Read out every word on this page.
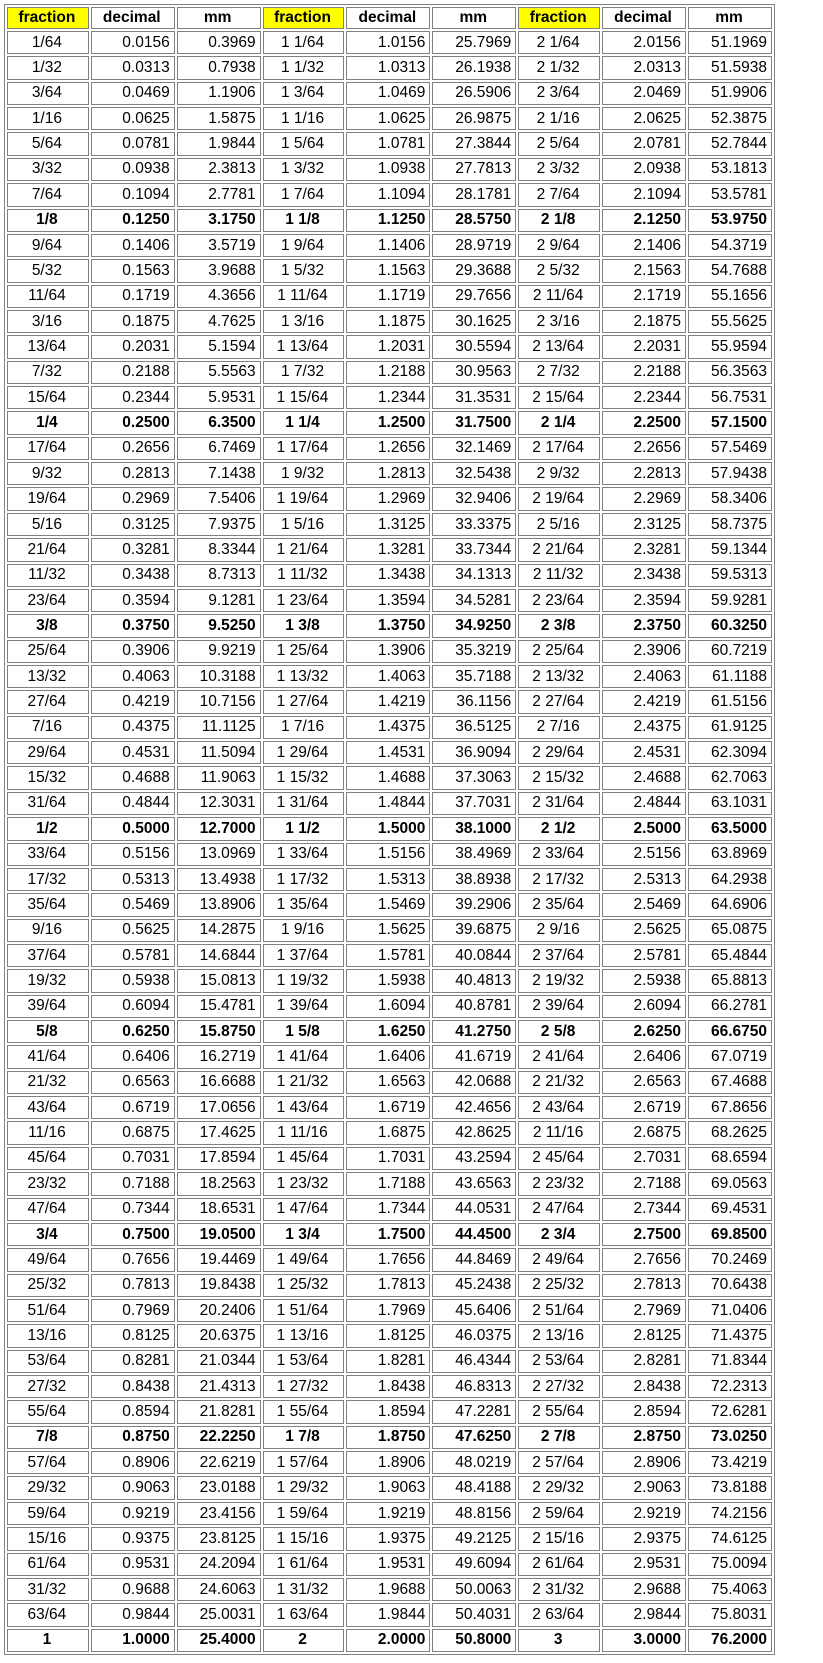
fraction	decimal	mm	fraction	decimal	mm	fraction	decimal	mm
1/64	0.0156	0.3969	1 1/64	1.0156	25.7969	2 1/64	2.0156	51.1969
1/32	0.0313	0.7938	1 1/32	1.0313	26.1938	2 1/32	2.0313	51.5938
3/64	0.0469	1.1906	1 3/64	1.0469	26.5906	2 3/64	2.0469	51.9906
1/16	0.0625	1.5875	1 1/16	1.0625	26.9875	2 1/16	2.0625	52.3875
5/64	0.0781	1.9844	1 5/64	1.0781	27.3844	2 5/64	2.0781	52.7844
3/32	0.0938	2.3813	1 3/32	1.0938	27.7813	2 3/32	2.0938	53.1813
7/64	0.1094	2.7781	1 7/64	1.1094	28.1781	2 7/64	2.1094	53.5781
1/8	0.1250	3.1750	1 1/8	1.1250	28.5750	2 1/8	2.1250	53.9750
9/64	0.1406	3.5719	1 9/64	1.1406	28.9719	2 9/64	2.1406	54.3719
5/32	0.1563	3.9688	1 5/32	1.1563	29.3688	2 5/32	2.1563	54.7688
11/64	0.1719	4.3656	1 11/64	1.1719	29.7656	2 11/64	2.1719	55.1656
3/16	0.1875	4.7625	1 3/16	1.1875	30.1625	2 3/16	2.1875	55.5625
13/64	0.2031	5.1594	1 13/64	1.2031	30.5594	2 13/64	2.2031	55.9594
7/32	0.2188	5.5563	1 7/32	1.2188	30.9563	2 7/32	2.2188	56.3563
15/64	0.2344	5.9531	1 15/64	1.2344	31.3531	2 15/64	2.2344	56.7531
1/4	0.2500	6.3500	1 1/4	1.2500	31.7500	2 1/4	2.2500	57.1500
17/64	0.2656	6.7469	1 17/64	1.2656	32.1469	2 17/64	2.2656	57.5469
9/32	0.2813	7.1438	1 9/32	1.2813	32.5438	2 9/32	2.2813	57.9438
19/64	0.2969	7.5406	1 19/64	1.2969	32.9406	2 19/64	2.2969	58.3406
5/16	0.3125	7.9375	1 5/16	1.3125	33.3375	2 5/16	2.3125	58.7375
21/64	0.3281	8.3344	1 21/64	1.3281	33.7344	2 21/64	2.3281	59.1344
11/32	0.3438	8.7313	1 11/32	1.3438	34.1313	2 11/32	2.3438	59.5313
23/64	0.3594	9.1281	1 23/64	1.3594	34.5281	2 23/64	2.3594	59.9281
3/8	0.3750	9.5250	1 3/8	1.3750	34.9250	2 3/8	2.3750	60.3250
25/64	0.3906	9.9219	1 25/64	1.3906	35.3219	2 25/64	2.3906	60.7219
13/32	0.4063	10.3188	1 13/32	1.4063	35.7188	2 13/32	2.4063	61.1188
27/64	0.4219	10.7156	1 27/64	1.4219	36.1156	2 27/64	2.4219	61.5156
7/16	0.4375	11.1125	1 7/16	1.4375	36.5125	2 7/16	2.4375	61.9125
29/64	0.4531	11.5094	1 29/64	1.4531	36.9094	2 29/64	2.4531	62.3094
15/32	0.4688	11.9063	1 15/32	1.4688	37.3063	2 15/32	2.4688	62.7063
31/64	0.4844	12.3031	1 31/64	1.4844	37.7031	2 31/64	2.4844	63.1031
1/2	0.5000	12.7000	1 1/2	1.5000	38.1000	2 1/2	2.5000	63.5000
33/64	0.5156	13.0969	1 33/64	1.5156	38.4969	2 33/64	2.5156	63.8969
17/32	0.5313	13.4938	1 17/32	1.5313	38.8938	2 17/32	2.5313	64.2938
35/64	0.5469	13.8906	1 35/64	1.5469	39.2906	2 35/64	2.5469	64.6906
9/16	0.5625	14.2875	1 9/16	1.5625	39.6875	2 9/16	2.5625	65.0875
37/64	0.5781	14.6844	1 37/64	1.5781	40.0844	2 37/64	2.5781	65.4844
19/32	0.5938	15.0813	1 19/32	1.5938	40.4813	2 19/32	2.5938	65.8813
39/64	0.6094	15.4781	1 39/64	1.6094	40.8781	2 39/64	2.6094	66.2781
5/8	0.6250	15.8750	1 5/8	1.6250	41.2750	2 5/8	2.6250	66.6750
41/64	0.6406	16.2719	1 41/64	1.6406	41.6719	2 41/64	2.6406	67.0719
21/32	0.6563	16.6688	1 21/32	1.6563	42.0688	2 21/32	2.6563	67.4688
43/64	0.6719	17.0656	1 43/64	1.6719	42.4656	2 43/64	2.6719	67.8656
11/16	0.6875	17.4625	1 11/16	1.6875	42.8625	2 11/16	2.6875	68.2625
45/64	0.7031	17.8594	1 45/64	1.7031	43.2594	2 45/64	2.7031	68.6594
23/32	0.7188	18.2563	1 23/32	1.7188	43.6563	2 23/32	2.7188	69.0563
47/64	0.7344	18.6531	1 47/64	1.7344	44.0531	2 47/64	2.7344	69.4531
3/4	0.7500	19.0500	1 3/4	1.7500	44.4500	2 3/4	2.7500	69.8500
49/64	0.7656	19.4469	1 49/64	1.7656	44.8469	2 49/64	2.7656	70.2469
25/32	0.7813	19.8438	1 25/32	1.7813	45.2438	2 25/32	2.7813	70.6438
51/64	0.7969	20.2406	1 51/64	1.7969	45.6406	2 51/64	2.7969	71.0406
13/16	0.8125	20.6375	1 13/16	1.8125	46.0375	2 13/16	2.8125	71.4375
53/64	0.8281	21.0344	1 53/64	1.8281	46.4344	2 53/64	2.8281	71.8344
27/32	0.8438	21.4313	1 27/32	1.8438	46.8313	2 27/32	2.8438	72.2313
55/64	0.8594	21.8281	1 55/64	1.8594	47.2281	2 55/64	2.8594	72.6281
7/8	0.8750	22.2250	1 7/8	1.8750	47.6250	2 7/8	2.8750	73.0250
57/64	0.8906	22.6219	1 57/64	1.8906	48.0219	2 57/64	2.8906	73.4219
29/32	0.9063	23.0188	1 29/32	1.9063	48.4188	2 29/32	2.9063	73.8188
59/64	0.9219	23.4156	1 59/64	1.9219	48.8156	2 59/64	2.9219	74.2156
15/16	0.9375	23.8125	1 15/16	1.9375	49.2125	2 15/16	2.9375	74.6125
61/64	0.9531	24.2094	1 61/64	1.9531	49.6094	2 61/64	2.9531	75.0094
31/32	0.9688	24.6063	1 31/32	1.9688	50.0063	2 31/32	2.9688	75.4063
63/64	0.9844	25.0031	1 63/64	1.9844	50.4031	2 63/64	2.9844	75.8031
1	1.0000	25.4000	2	2.0000	50.8000	3	3.0000	76.2000
